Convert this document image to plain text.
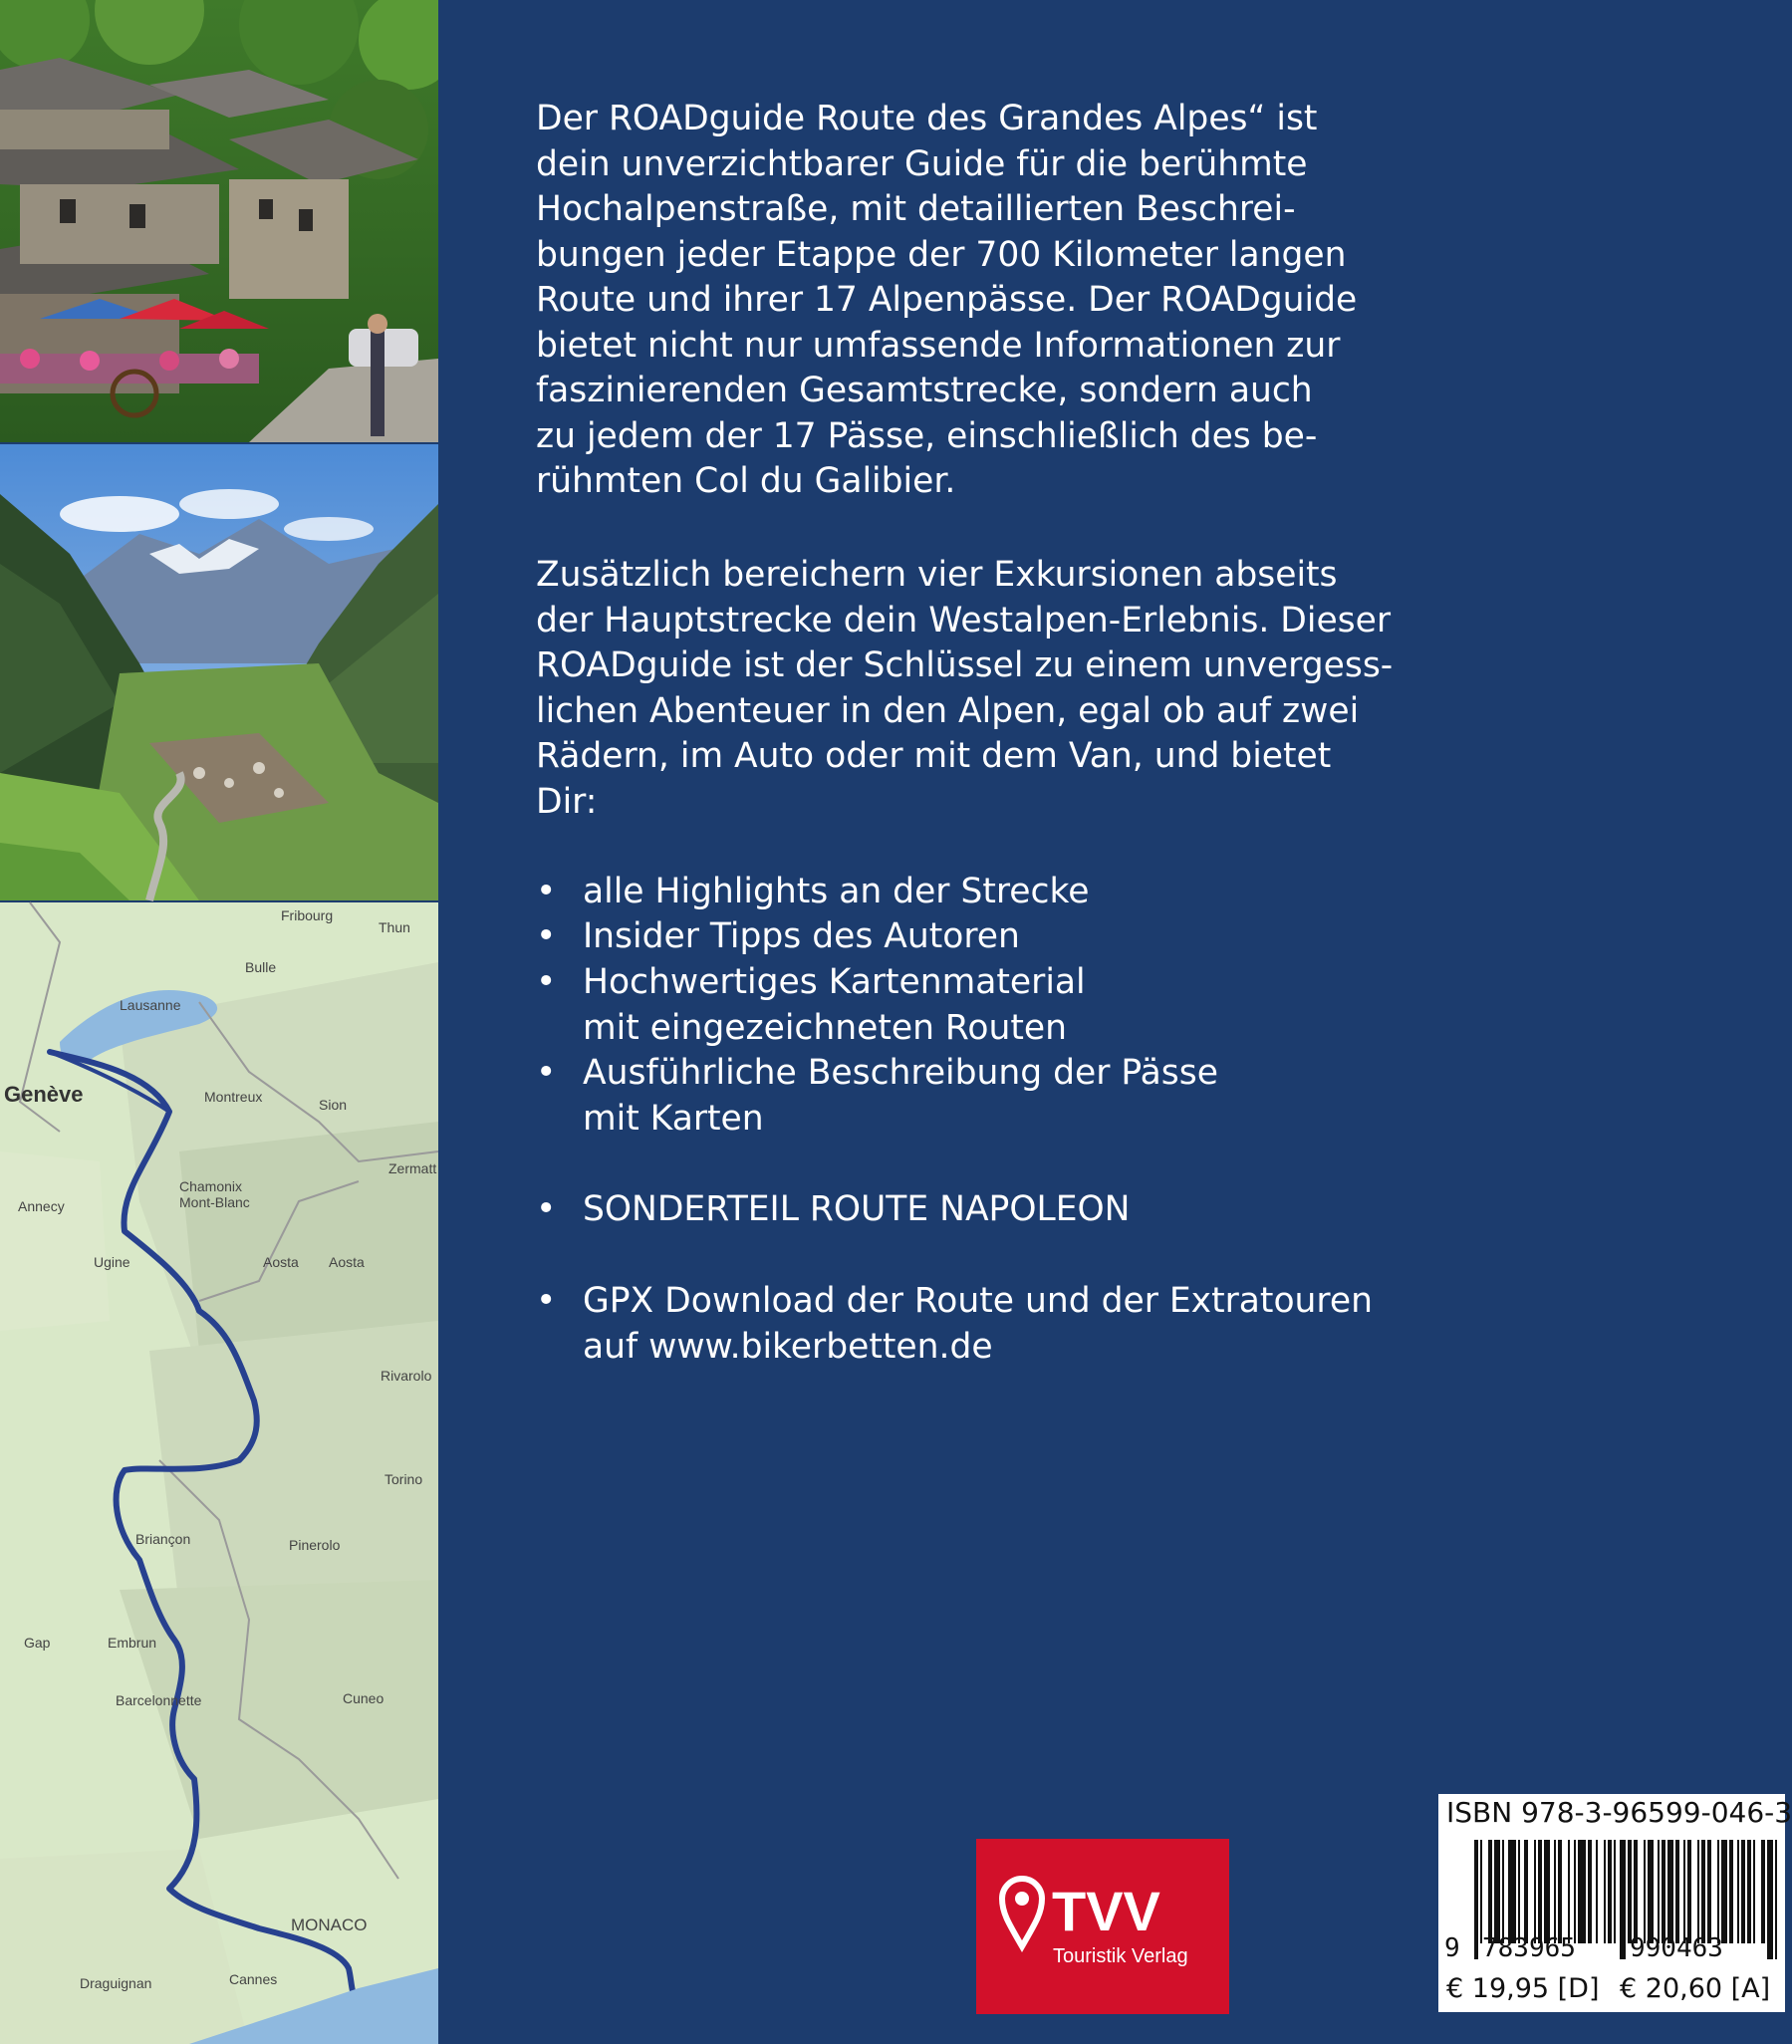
Fribourg
Thun
Bulle
Lausanne
Genève	Montreux	Sion
Zermatt
Annecy
Chamonix
Mont-Blanc
Ugine	Aosta Aosta
Rivarolo
Torino
Briançon	Pinerolo
Gap	Embrun
Barcelonnette	Cuneo
MONACO
Draguignan	Cannes
Der ROADguide Route des Grandes Alpes“ ist
dein unverzichtbarer Guide für die berühmte
Hochalpenstraße, mit detaillierten Beschrei-
bungen jeder Etappe der 700 Kilometer langen
Route und ihrer 17 Alpenpässe. Der ROADguide
bietet nicht nur umfassende Informationen zur
faszinierenden Gesamtstrecke, sondern auch
zu jedem der 17 Pässe, einschließlich des be-
rühmten Col du Galibier.
Zusätzlich bereichern vier Exkursionen abseits
der Hauptstrecke dein Westalpen-Erlebnis. Dieser
ROADguide ist der Schlüssel zu einem unvergess-
lichen Abenteuer in den Alpen, egal ob auf zwei
Rädern, im Auto oder mit dem Van, und bietet
Dir:
• alle Highlights an der Strecke
• Insider Tipps des Autoren
• Hochwertiges Kartenmaterial
mit eingezeichneten Routen
• Ausführliche Beschreibung der Pässe
mit Karten
• SONDERTEIL ROUTE NAPOLEON
• GPX Download der Route und der Extratouren
auf www.bikerbetten.de
TVV
Touristik Verlag
ISBN 978-3-96599-046-3
9 783965 990463
€ 19,95 [D] € 20,60 [A]
